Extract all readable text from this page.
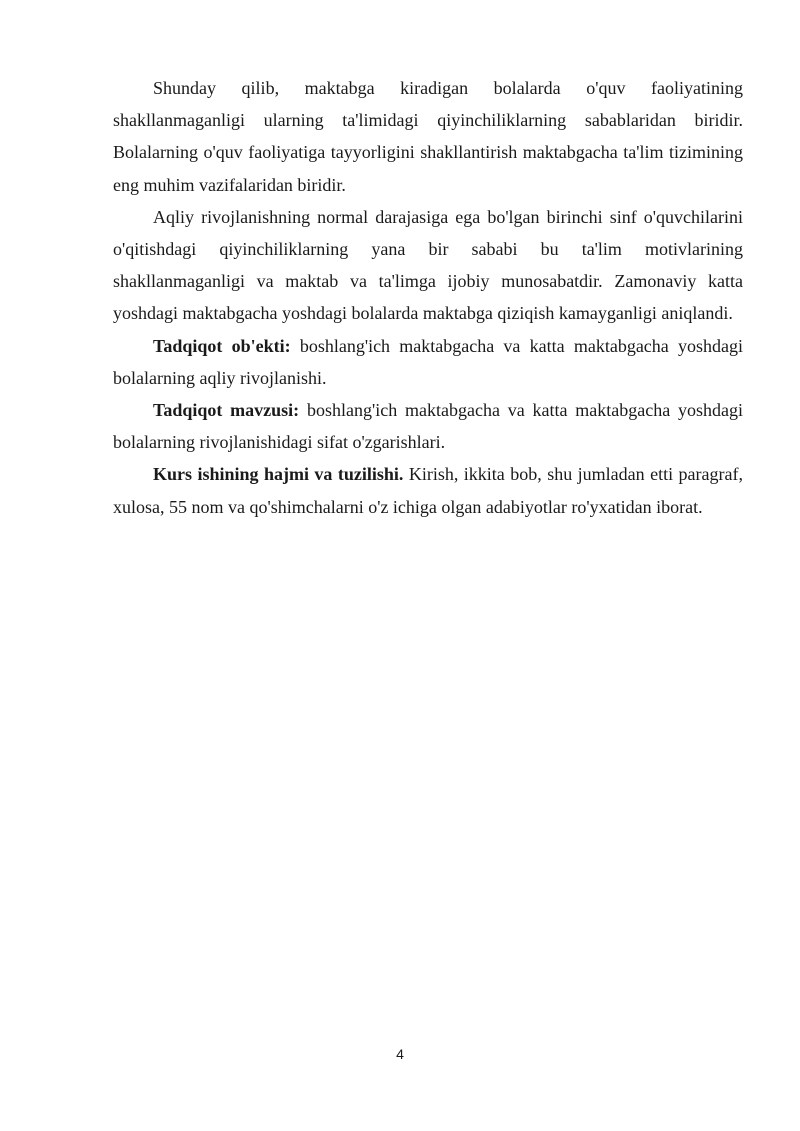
Shunday qilib, maktabga kiradigan bolalarda o'quv faoliyatining shakllanmaganligi ularning ta'limidagi qiyinchiliklarning sabablaridan biridir. Bolalarning o'quv faoliyatiga tayyorligini shakllantirish maktabgacha ta'lim tizimining eng muhim vazifalaridan biridir.

Aqliy rivojlanishning normal darajasiga ega bo'lgan birinchi sinf o'quvchilarini o'qitishdagi qiyinchiliklarning yana bir sababi bu ta'lim motivlarining shakllanmaganligi va maktab va ta'limga ijobiy munosabatdir. Zamonaviy katta yoshdagi maktabgacha yoshdagi bolalarda maktabga qiziqish kamayganligi aniqlandi.

Tadqiqot ob'ekti: boshlang'ich maktabgacha va katta maktabgacha yoshdagi bolalarning aqliy rivojlanishi.

Tadqiqot mavzusi: boshlang'ich maktabgacha va katta maktabgacha yoshdagi bolalarning rivojlanishidagi sifat o'zgarishlari.

Kurs ishining hajmi va tuzilishi. Kirish, ikkita bob, shu jumladan etti paragraf, xulosa, 55 nom va qo'shimchalarni o'z ichiga olgan adabiyotlar ro'yxatidan iborat.

4
